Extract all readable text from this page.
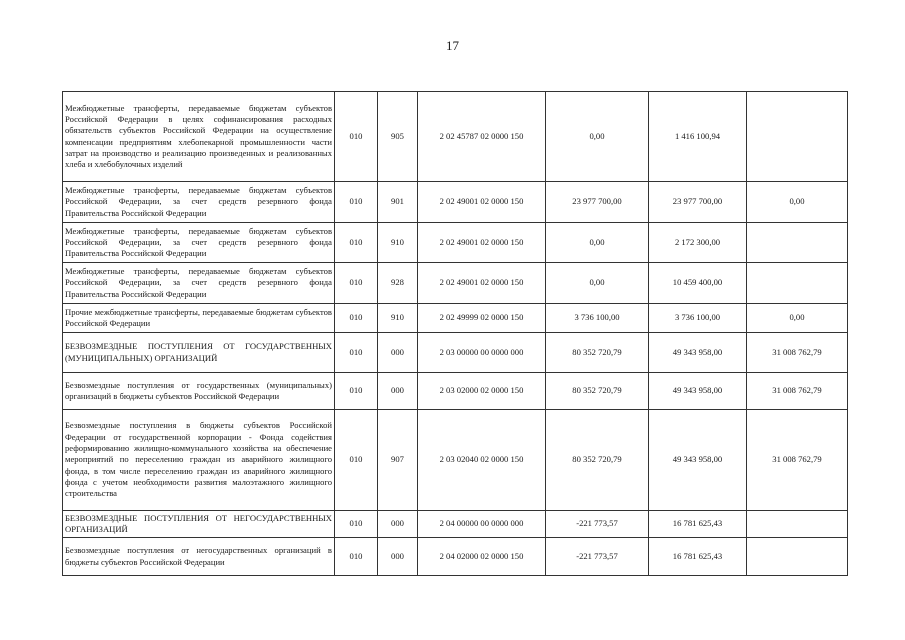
17
Межбюджетные трансферты, передаваемые бюджетам субъектов Российской Федерации в целях софинансирования расходных обязательств субъектов Российской Федерации на осуществление компенсации предприятиям хлебопекарной промышленности части затрат на производство и реализацию произведенных и реализованных хлеба и хлебобулочных изделий	010	905	2 02 45787 02 0000 150	0,00	1 416 100,94	
Межбюджетные трансферты, передаваемые бюджетам субъектов Российской Федерации, за счет средств резервного фонда Правительства Российской Федерации	010	901	2 02 49001 02 0000 150	23 977 700,00	23 977 700,00	0,00
Межбюджетные трансферты, передаваемые бюджетам субъектов Российской Федерации, за счет средств резервного фонда Правительства Российской Федерации	010	910	2 02 49001 02 0000 150	0,00	2 172 300,00	
Межбюджетные трансферты, передаваемые бюджетам субъектов Российской Федерации, за счет средств резервного фонда Правительства Российской Федерации	010	928	2 02 49001 02 0000 150	0,00	10 459 400,00	
Прочие межбюджетные трансферты, передаваемые бюджетам субъектов Российской Федерации	010	910	2 02 49999 02 0000 150	3 736 100,00	3 736 100,00	0,00
БЕЗВОЗМЕЗДНЫЕ ПОСТУПЛЕНИЯ ОТ ГОСУДАРСТВЕННЫХ (МУНИЦИПАЛЬНЫХ) ОРГАНИЗАЦИЙ	010	000	2 03 00000 00 0000 000	80 352 720,79	49 343 958,00	31 008 762,79
Безвозмездные поступления от государственных (муниципальных) организаций в бюджеты субъектов Российской Федерации	010	000	2 03 02000 02 0000 150	80 352 720,79	49 343 958,00	31 008 762,79
Безвозмездные поступления в бюджеты субъектов Российской Федерации от государственной корпорации - Фонда содействия реформированию жилищно-коммунального хозяйства на обеспечение мероприятий по переселению граждан из аварийного жилищного фонда, в том числе переселению граждан из аварийного жилищного фонда с учетом необходимости развития малоэтажного жилищного строительства	010	907	2 03 02040 02 0000 150	80 352 720,79	49 343 958,00	31 008 762,79
БЕЗВОЗМЕЗДНЫЕ ПОСТУПЛЕНИЯ ОТ НЕГОСУДАРСТВЕННЫХ ОРГАНИЗАЦИЙ	010	000	2 04 00000 00 0000 000	-221 773,57	16 781 625,43	
Безвозмездные поступления от негосударственных организаций в бюджеты субъектов Российской Федерации	010	000	2 04 02000 02 0000 150	-221 773,57	16 781 625,43	
